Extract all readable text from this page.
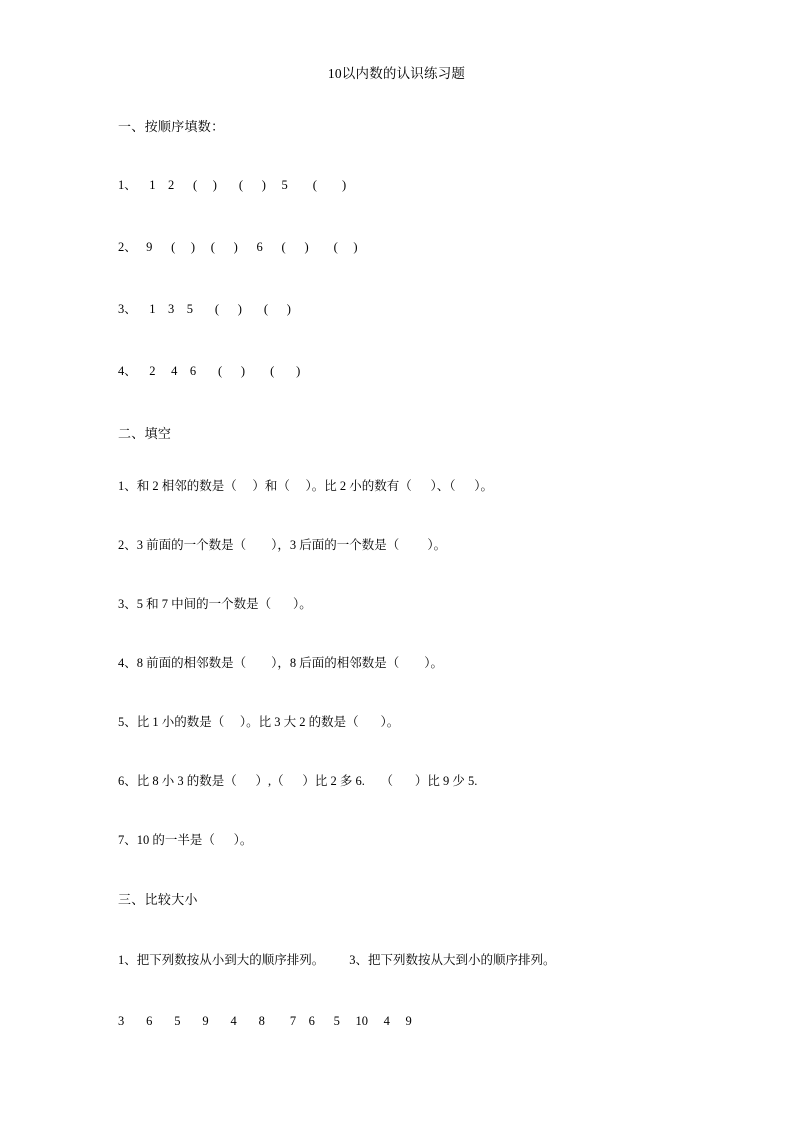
10以内数的认识练习题
一、按顺序填数：
1、    1    2      (     )       (      )     5        (        )
2、   9      (     )     (      )      6      (      )        (     )
3、    1    3    5       (      )       (      )
4、    2     4    6       (      )        (       )
二、填空
1、和 2 相邻的数是（     ）和（     ）。比 2 小的数有（      ）、（      ）。
2、3 前面的一个数是（        ），3 后面的一个数是（         ）。
3、5 和 7 中间的一个数是（       ）。
4、8 前面的相邻数是（        ），8 后面的相邻数是（        ）。
5、比 1 小的数是（     ）。比 3 大 2 的数是（       ）。
6、比 8 小 3 的数是（      ）,（      ）比 2 多 6.     （       ）比 9 少 5.
7、10 的一半是（      ）。
三、比较大小
1、把下列数按从小到大的顺序排列。        3、把下列数按从大到小的顺序排列。
3       6       5       9       4       8        7    6      5     10     4     9
